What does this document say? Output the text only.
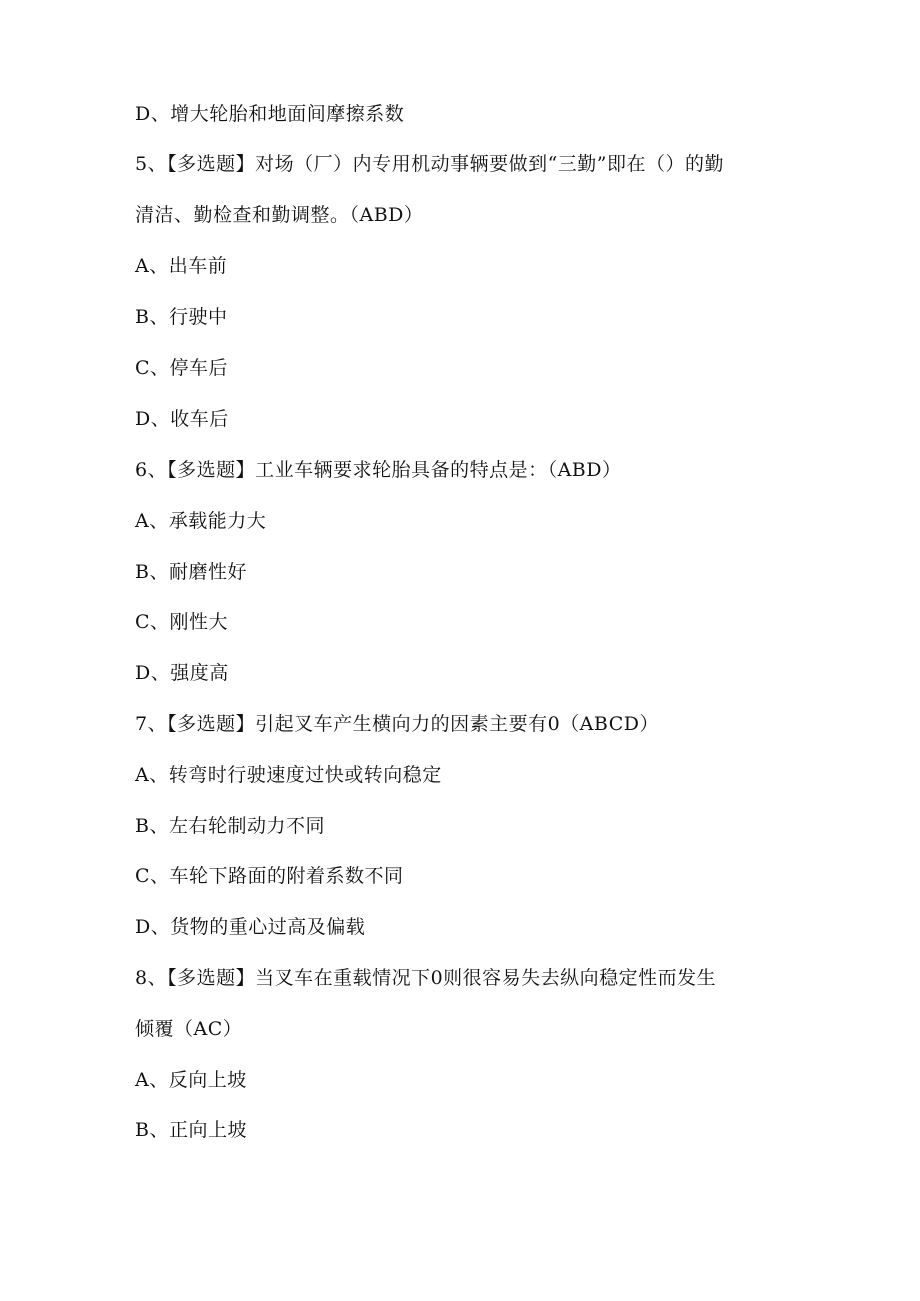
D、增大轮胎和地面间摩擦系数
5、【多选题】对场（厂）内专用机动事辆要做到“三勤”即在（）的勤
清洁、勤检查和勤调整。（ABD）
A、出车前
B、行驶中
C、停车后
D、收车后
6、【多选题】工业车辆要求轮胎具备的特点是：（ABD）
A、承载能力大
B、耐磨性好
C、刚性大
D、强度高
7、【多选题】引起叉车产生横向力的因素主要有0（ABCD）
A、转弯时行驶速度过快或转向稳定
B、左右轮制动力不同
C、车轮下路面的附着系数不同
D、货物的重心过高及偏载
8、【多选题】当叉车在重载情况下0则很容易失去纵向稳定性而发生
倾覆（AC）
A、反向上坡
B、正向上坡
